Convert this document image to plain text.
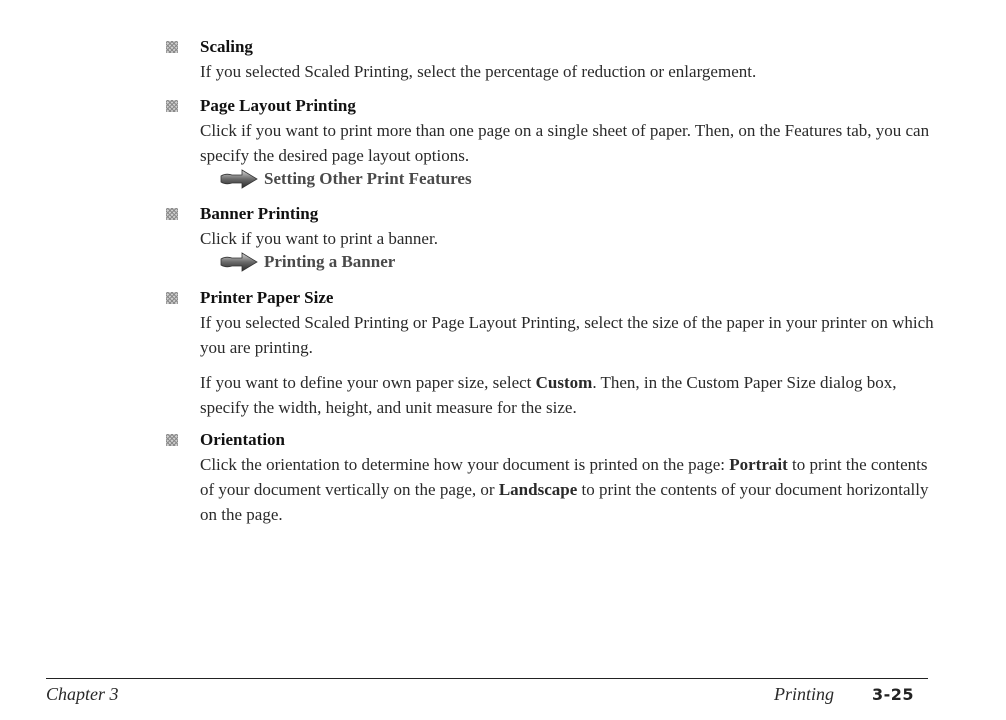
Scaling
If you selected Scaled Printing, select the percentage of reduction or enlargement.
Page Layout Printing
Click if you want to print more than one page on a single sheet of paper. Then, on the Features tab, you can specify the desired page layout options.
Setting Other Print Features
Banner Printing
Click if you want to print a banner.
Printing a Banner
Printer Paper Size
If you selected Scaled Printing or Page Layout Printing, select the size of the paper in your printer on which you are printing.
If you want to define your own paper size, select Custom. Then, in the Custom Paper Size dialog box, specify the width, height, and unit measure for the size.
Orientation
Click the orientation to determine how your document is printed on the page: Portrait to print the contents of your document vertically on the page, or Landscape to print the contents of your document horizontally on the page.
Chapter 3	Printing 3-25
